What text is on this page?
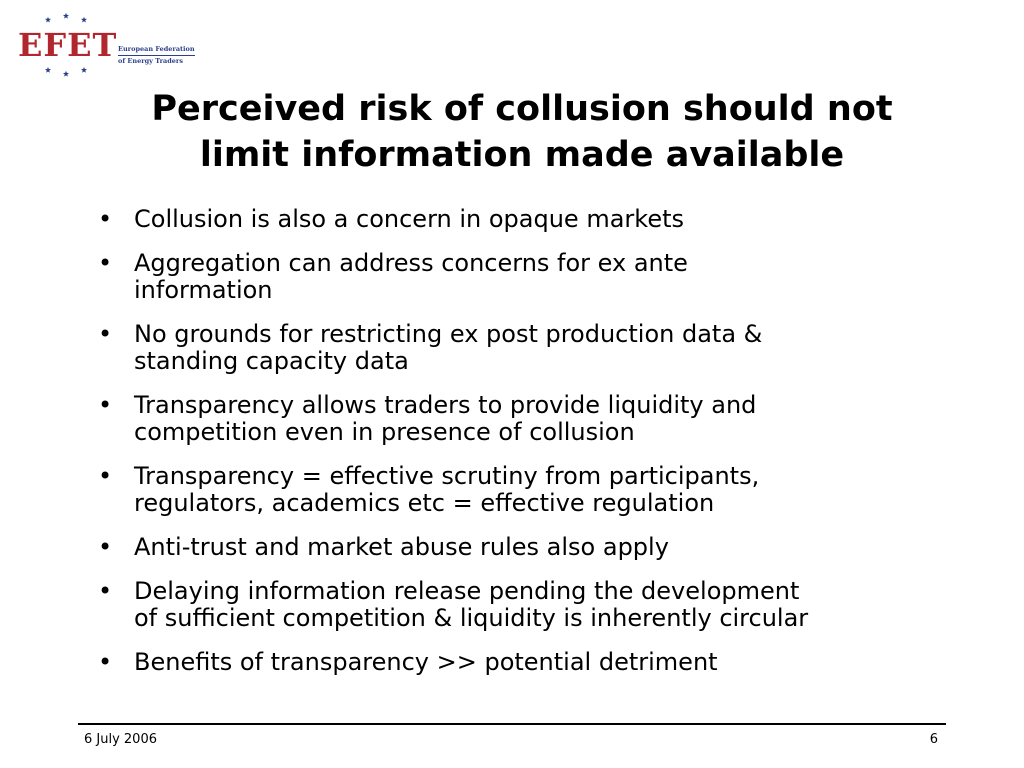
EFET European Federation
of Energy Traders
Perceived risk of collusion should not
limit information made available
• Collusion is also a concern in opaque markets
• Aggregation can address concerns for ex ante
information
• No grounds for restricting ex post production data &
standing capacity data
• Transparency allows traders to provide liquidity and
competition even in presence of collusion
• Transparency = effective scrutiny from participants,
regulators, academics etc = effective regulation
• Anti-trust and market abuse rules also apply
• Delaying information release pending the development
of sufficient competition & liquidity is inherently circular
• Benefits of transparency >> potential detriment
6 July 2006	6
